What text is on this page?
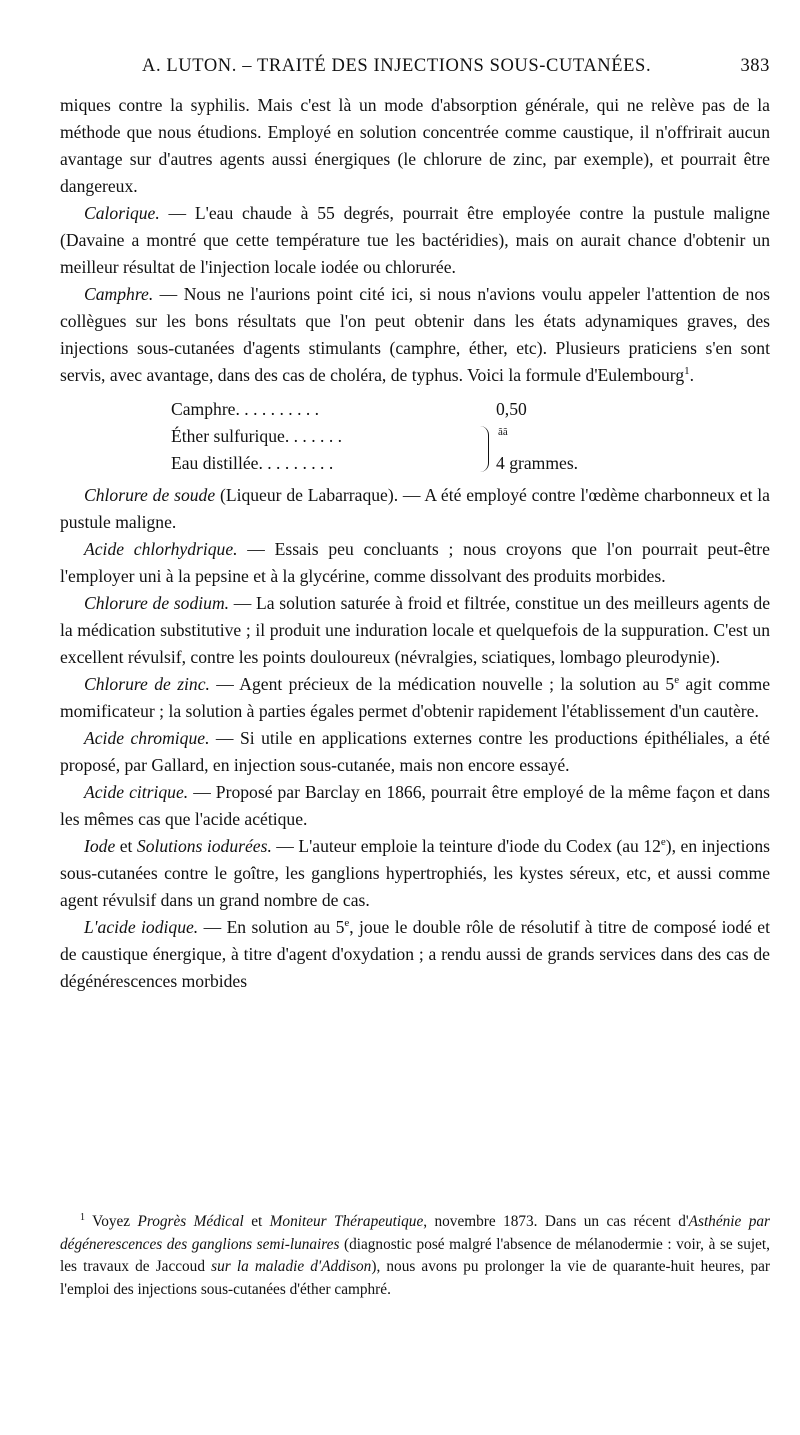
A. LUTON. – TRAITÉ DES INJECTIONS SOUS-CUTANÉES.	383

miques contre la syphilis. Mais c'est là un mode d'absorption générale, qui ne relève pas de la méthode que nous étudions. Employé en solution concentrée comme caustique, il n'offrirait aucun avantage sur d'autres agents aussi énergiques (le chlorure de zinc, par exemple), et pourrait être dangereux.

Calorique. — L'eau chaude à 55 degrés, pourrait être employée contre la pustule maligne (Davaine a montré que cette température tue les bactéridies), mais on aurait chance d'obtenir un meilleur résultat de l'injection locale iodée ou chlorurée.

Camphre. — Nous ne l'aurions point cité ici, si nous n'avions voulu appeler l'attention de nos collègues sur les bons résultats que l'on peut obtenir dans les états adynamiques graves, des injections sous-cutanées d'agents stimulants (camphre, éther, etc). Plusieurs praticiens s'en sont servis, avec avantage, dans des cas de choléra, de typhus. Voici la formule d'Eulembourg$^1$.

Camphre. . . . . . . . . .	0,50
Éther sulfurique. . . . . . .
Eau distillée. . . . . . . . .
ãã
4 grammes.

Chlorure de soude (Liqueur de Labarraque). — A été employé contre l'œdème charbonneux et la pustule maligne.

Acide chlorhydrique. — Essais peu concluants ; nous croyons que l'on pourrait peut-être l'employer uni à la pepsine et à la glycérine, comme dissolvant des produits morbides.

Chlorure de sodium. — La solution saturée à froid et filtrée, constitue un des meilleurs agents de la médication substitutive ; il produit une induration locale et quelquefois de la suppuration. C'est un excellent révulsif, contre les points douloureux (névralgies, sciatiques, lombago pleurodynie).

Chlorure de zinc. — Agent précieux de la médication nouvelle ; la solution au 5e agit comme momificateur ; la solution à parties égales permet d'obtenir rapidement l'établissement d'un cautère.

Acide chromique. — Si utile en applications externes contre les productions épithéliales, a été proposé, par Gallard, en injection sous-cutanée, mais non encore essayé.

Acide citrique. — Proposé par Barclay en 1866, pourrait être employé de la même façon et dans les mêmes cas que l'acide acétique.

Iode et Solutions iodurées. — L'auteur emploie la teinture d'iode du Codex (au 12e), en injections sous-cutanées contre le goître, les ganglions hypertrophiés, les kystes séreux, etc, et aussi comme agent révulsif dans un grand nombre de cas.

L'acide iodique. — En solution au 5e, joue le double rôle de résolutif à titre de composé iodé et de caustique énergique, à titre d'agent d'oxydation ; a rendu aussi de grands services dans des cas de dégénérescences morbides

$^1$ Voyez Progrès Médical et Moniteur Thérapeutique, novembre 1873. Dans un cas récent d'Asthénie par dégénerescences des ganglions semi-lunaires (diagnostic posé malgré l'absence de mélanodermie : voir, à se sujet, les travaux de Jaccoud sur la maladie d'Addison), nous avons pu prolonger la vie de quarante-huit heures, par l'emploi des injections sous-cutanées d'éther camphré.
